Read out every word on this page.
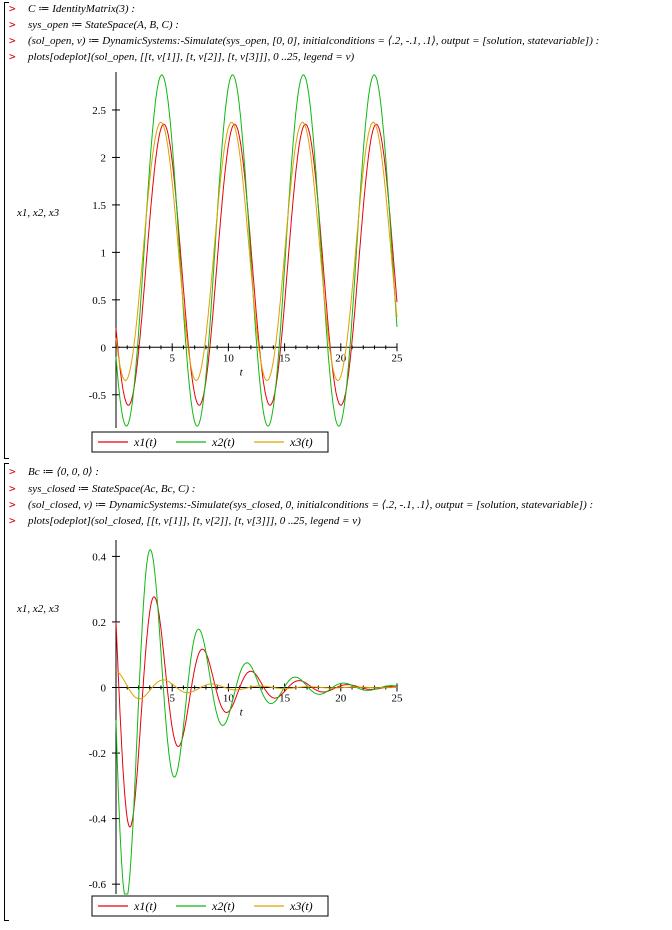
> C ≔ IdentityMatrix(3) :
> sys_open ≔ StateSpace(A, B, C) :
> (sol_open, v) ≔ DynamicSystems:-Simulate(sys_open, [0, 0], initialconditions = ⟨.2, -.1, .1⟩, output = [solution, statevariable]) :
> plots[odeplot](sol_open, [[t, v[1]], [t, v[2]], [t, v[3]]], 0 ..25, legend = v)
5	10	15	20	25
-0.5
0
0.5
1
1.5
2
2.5
t
x1, x2, x3
x1(t)	x2(t)	x3(t)
> Bc ≔ ⟨0, 0, 0⟩ :
> sys_closed ≔ StateSpace(Ac, Bc, C) :
> (sol_closed, v) ≔ DynamicSystems:-Simulate(sys_closed, 0, initialconditions = ⟨.2, -.1, .1⟩, output = [solution, statevariable]) :
> plots[odeplot](sol_closed, [[t, v[1]], [t, v[2]], [t, v[3]]], 0 ..25, legend = v)
5	10	15	20	25
-0.6
-0.4
-0.2
0
0.2
0.4
t
x1, x2, x3
x1(t)	x2(t)	x3(t)
